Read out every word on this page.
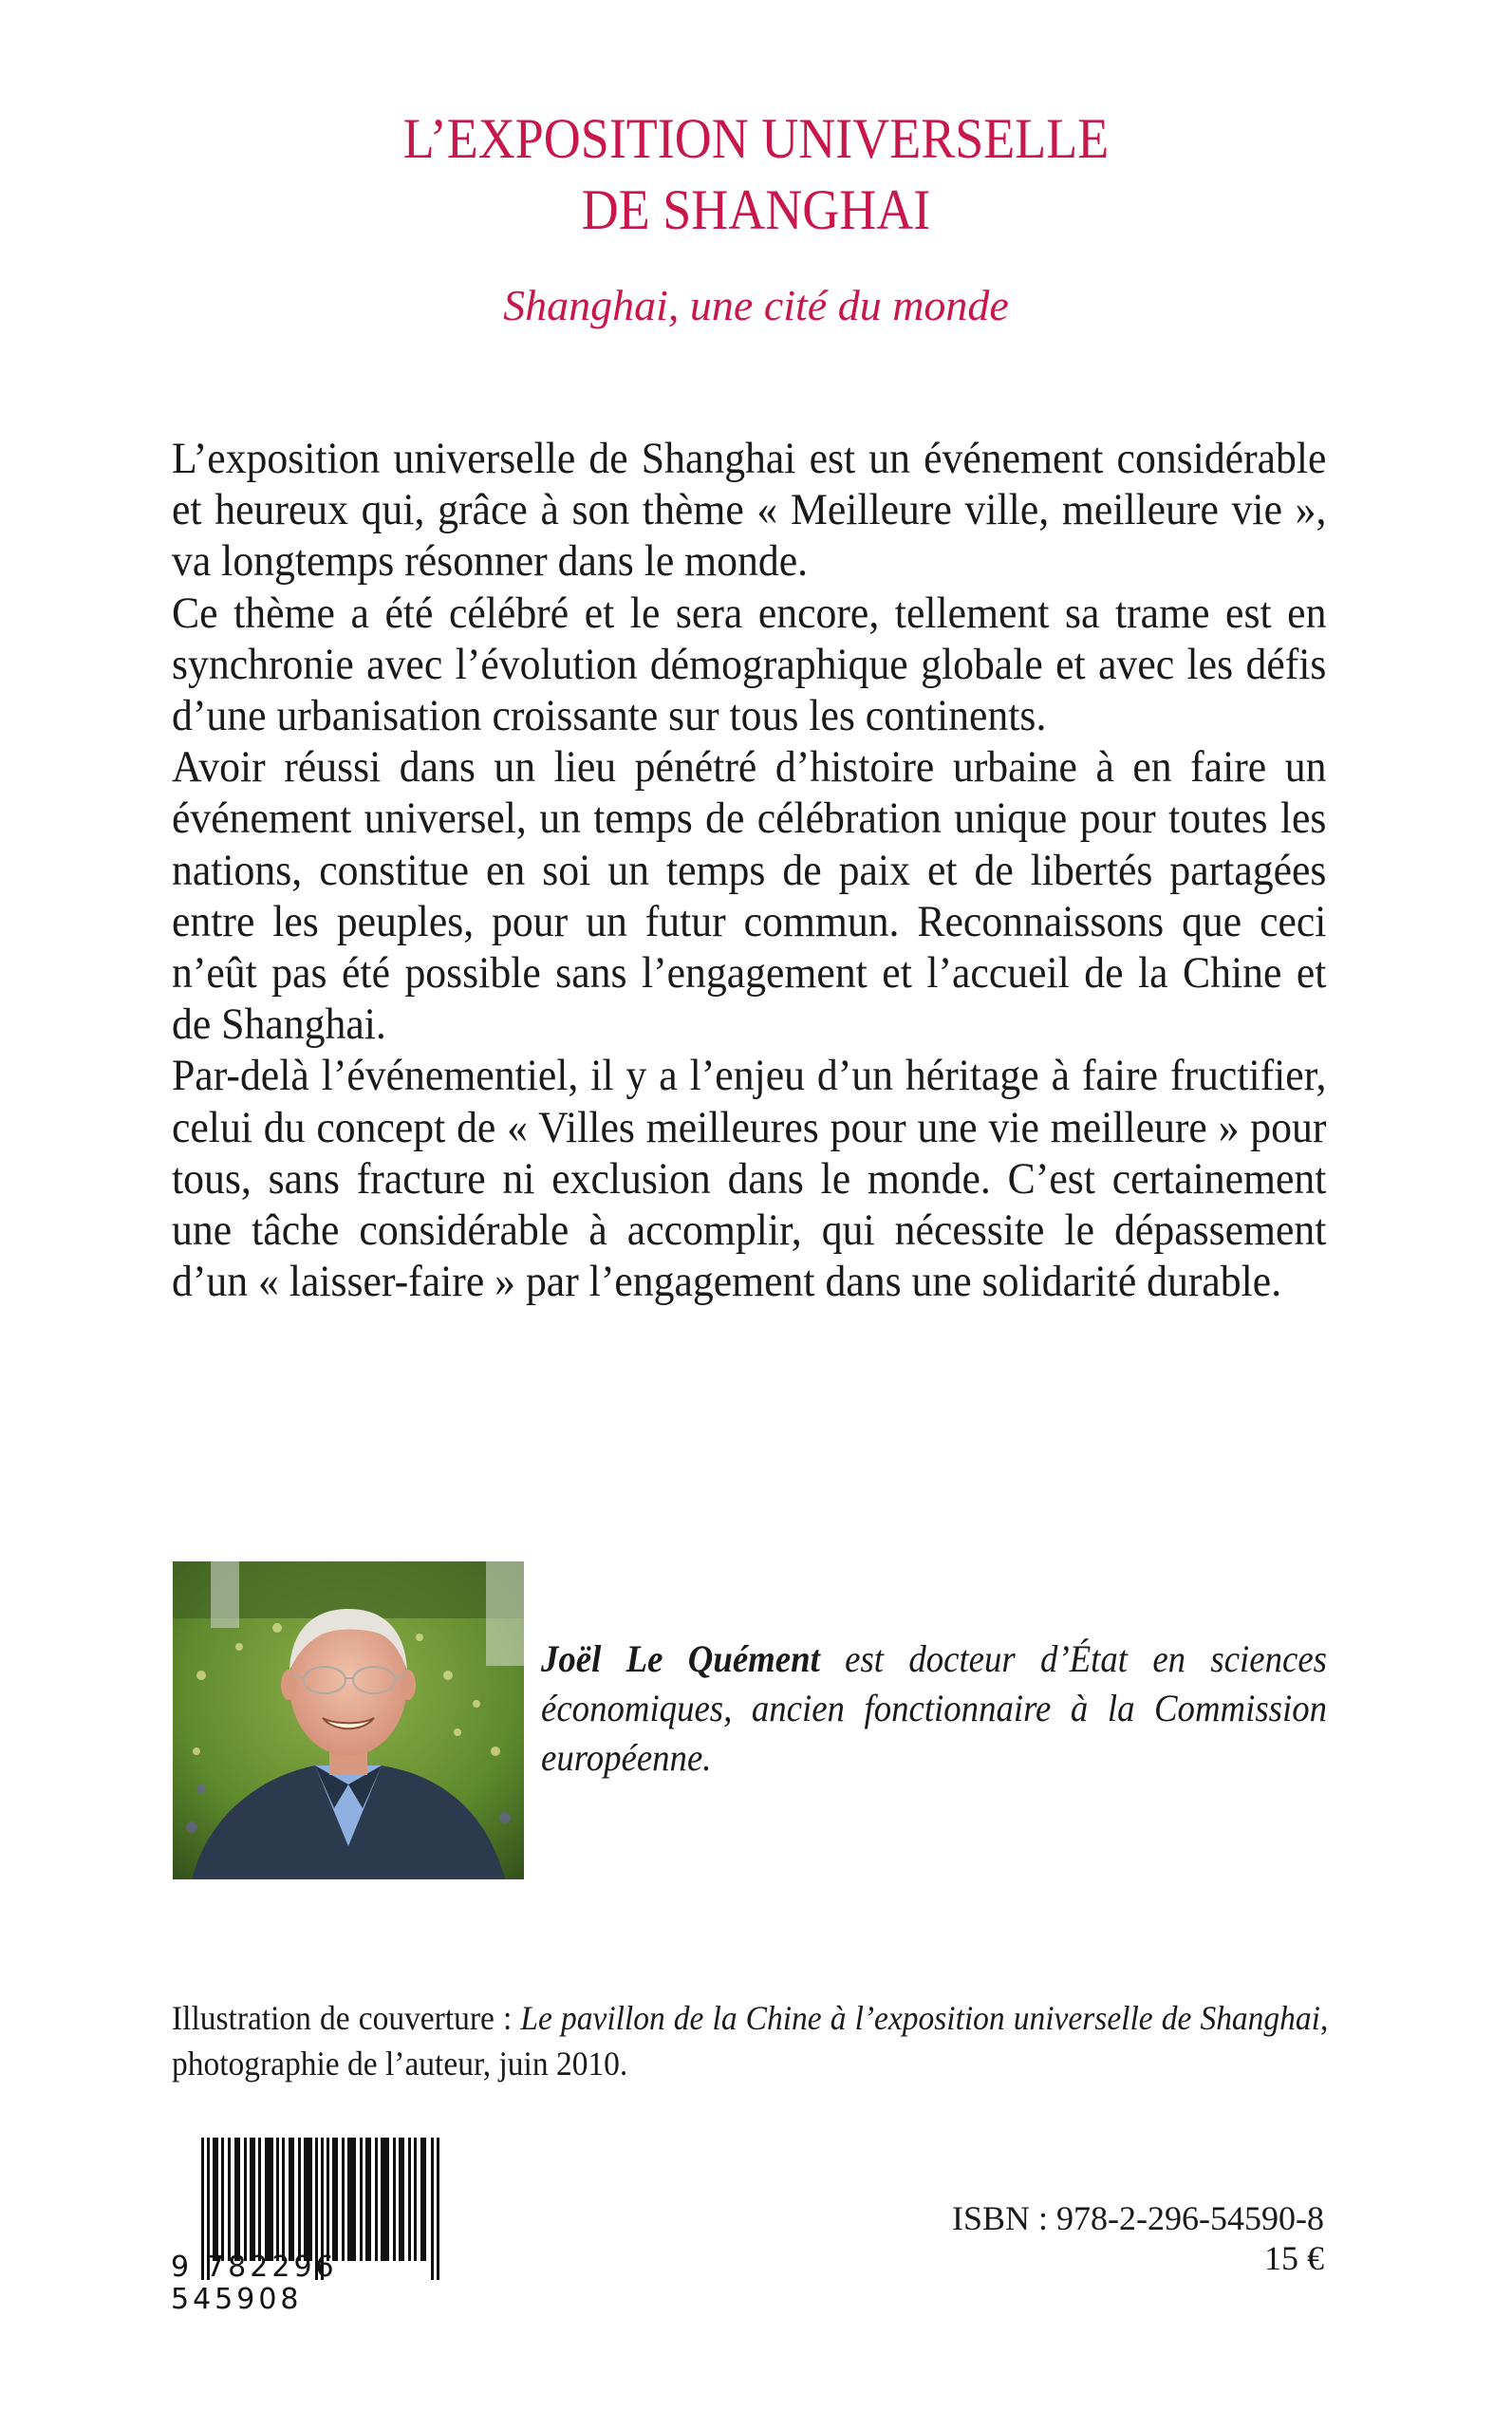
L’EXPOSITION UNIVERSELLE
DE SHANGHAI
Shanghai, une cité du monde

L’exposition universelle de Shanghai est un événement considérable et heureux qui, grâce à son thème « Meilleure ville, meilleure vie », va longtemps résonner dans le monde.

Ce thème a été célébré et le sera encore, tellement sa trame est en synchronie avec l’évolution démographique globale et avec les défis d’une urbanisation croissante sur tous les continents.

Avoir réussi dans un lieu pénétré d’histoire urbaine à en faire un événement universel, un temps de célébration unique pour toutes les nations, constitue en soi un temps de paix et de libertés partagées entre les peuples, pour un futur commun. Reconnaissons que ceci n’eût pas été possible sans l’engagement et l’accueil de la Chine et de Shanghai.

Par-delà l’événementiel, il y a l’enjeu d’un héritage à faire fructifier, celui du concept de « Villes meilleures pour une vie meilleure » pour tous, sans fracture ni exclusion dans le monde. C’est certainement une tâche considérable à accomplir, qui nécessite le dépassement d’un « laisser-faire » par l’engagement dans une solidarité durable.

Joël Le Quément est docteur d’État en sciences économiques, ancien fonctionnaire à la Commission européenne.

Illustration de couverture : Le pavillon de la Chine à l’exposition universelle de Shanghai, photographie de l’auteur, juin 2010.

9 782296545908
ISBN : 978-2-296-54590-8
15 €
